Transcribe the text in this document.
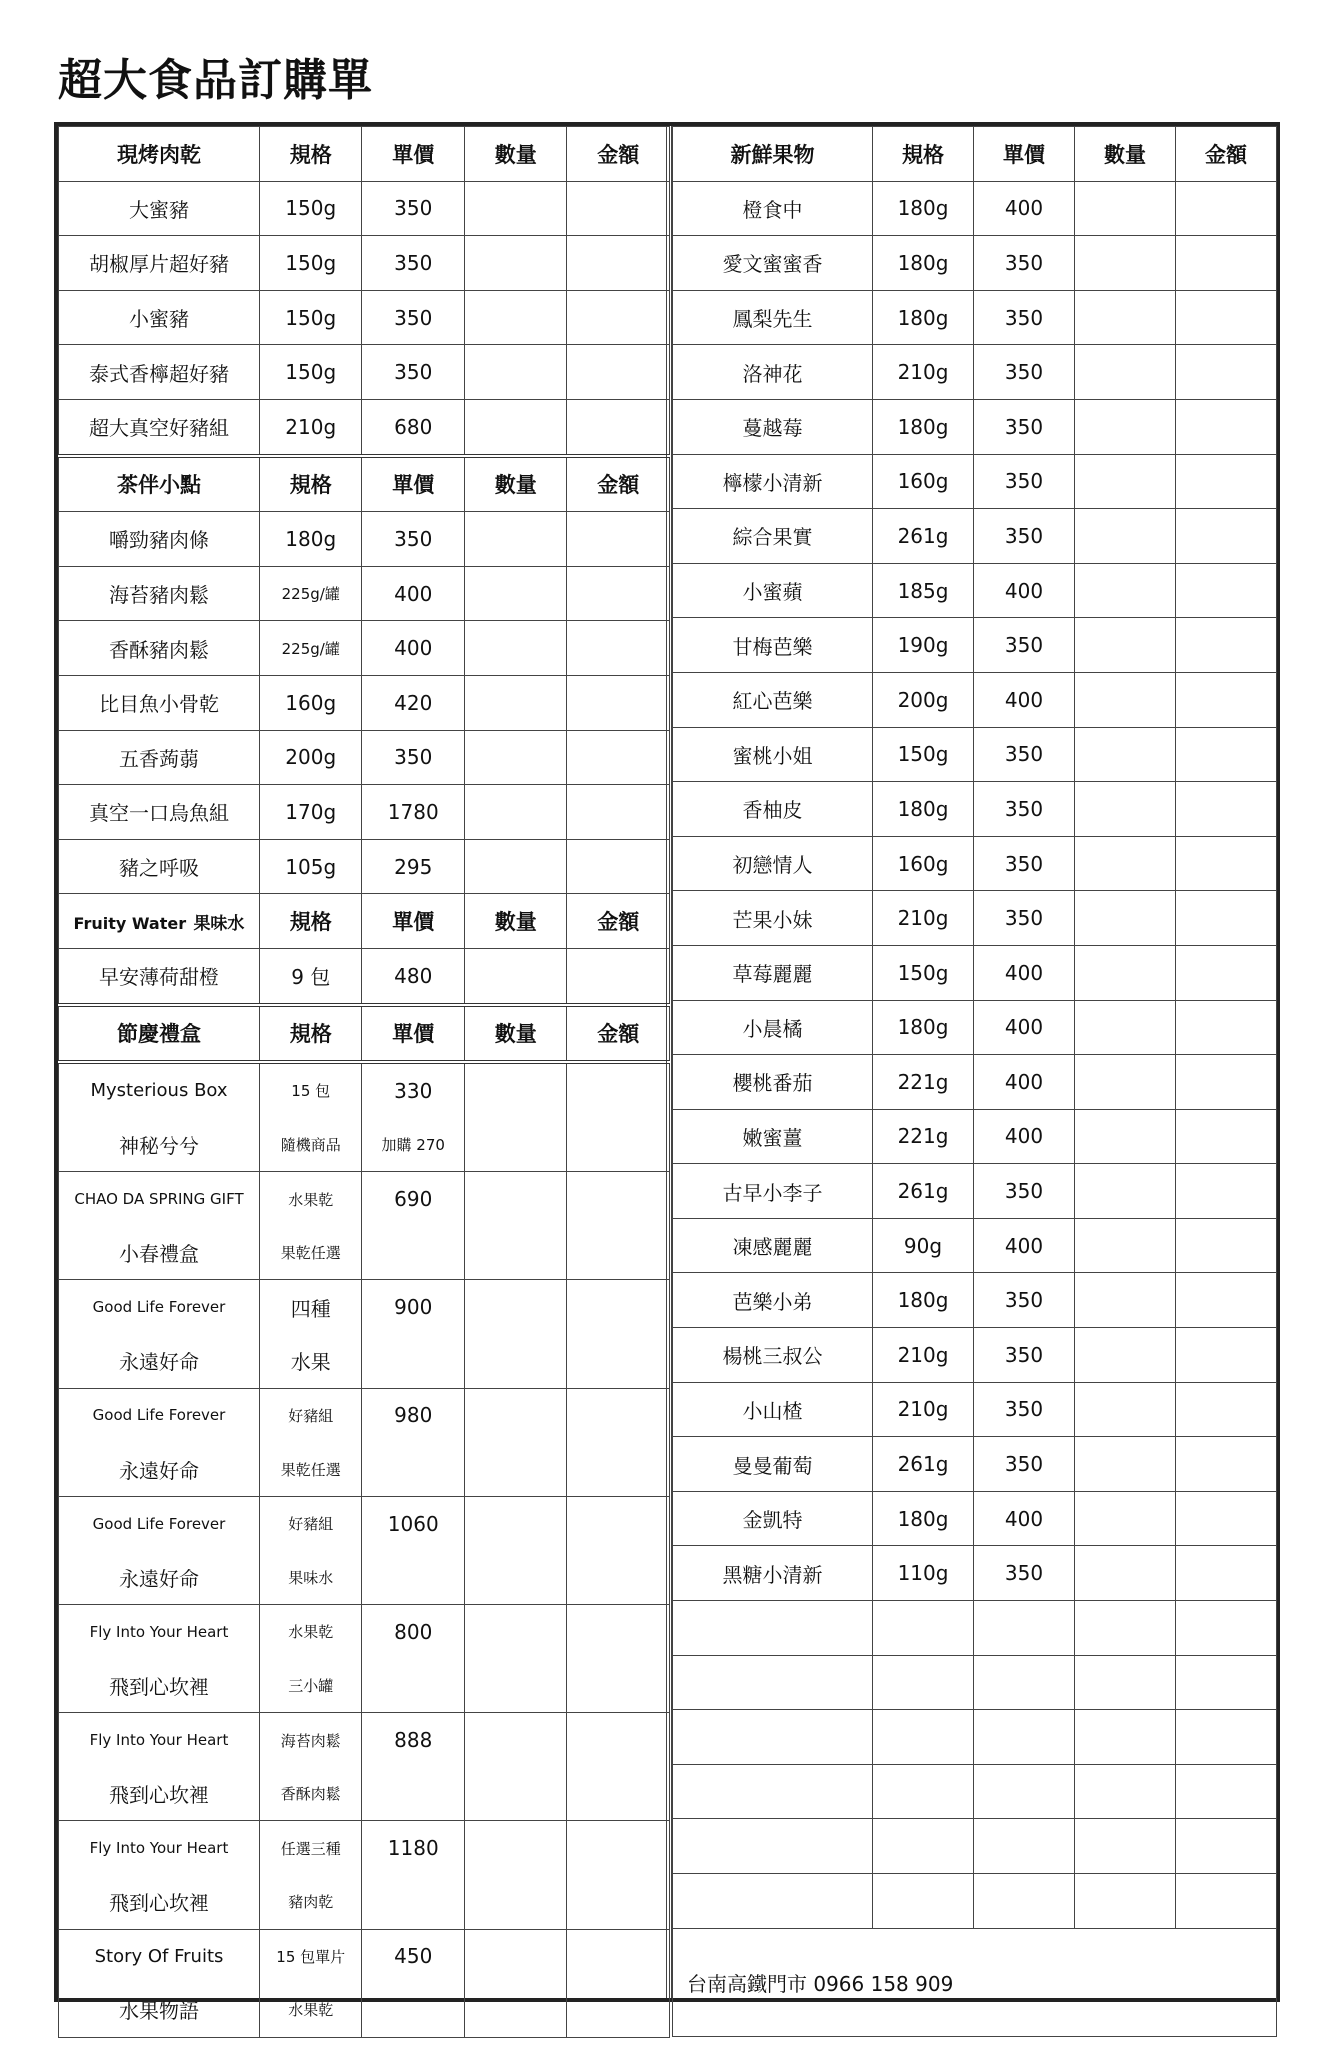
超大食品訂購單
現烤肉乾	規格	單價	數量	金額
大蜜豬	150g	350		
胡椒厚片超好豬	150g	350		
小蜜豬	150g	350		
泰式香檸超好豬	150g	350		
超大真空好豬組	210g	680		
茶伴小點	規格	單價	數量	金額
嚼勁豬肉條	180g	350		
海苔豬肉鬆	225g/罐	400		
香酥豬肉鬆	225g/罐	400		
比目魚小骨乾	160g	420		
五香蒟蒻	200g	350		
真空一口烏魚組	170g	1780		
豬之呼吸	105g	295		
Fruity Water 果味水	規格	單價	數量	金額
早安薄荷甜橙	9 包	480		
節慶禮盒	規格	單價	數量	金額
Mysterious Box	15 包	330		
神秘兮兮	隨機商品	加購 270		
CHAO DA SPRING GIFT	水果乾	690		
小春禮盒	果乾任選			
Good Life Forever	四種	900		
永遠好命	水果			
Good Life Forever	好豬組	980		
永遠好命	果乾任選			
Good Life Forever	好豬組	1060		
永遠好命	果味水			
Fly Into Your Heart	水果乾	800		
飛到心坎裡	三小罐			
Fly Into Your Heart	海苔肉鬆	888		
飛到心坎裡	香酥肉鬆			
Fly Into Your Heart	任選三種	1180		
飛到心坎裡	豬肉乾			
Story Of Fruits	15 包單片	450		
水果物語	水果乾			
新鮮果物	規格	單價	數量	金額
橙食中	180g	400		
愛文蜜蜜香	180g	350		
鳳梨先生	180g	350		
洛神花	210g	350		
蔓越莓	180g	350		
檸檬小清新	160g	350		
綜合果實	261g	350		
小蜜蘋	185g	400		
甘梅芭樂	190g	350		
紅心芭樂	200g	400		
蜜桃小姐	150g	350		
香柚皮	180g	350		
初戀情人	160g	350		
芒果小妹	210g	350		
草莓麗麗	150g	400		
小晨橘	180g	400		
櫻桃番茄	221g	400		
嫩蜜薑	221g	400		
古早小李子	261g	350		
凍感麗麗	90g	400		
芭樂小弟	180g	350		
楊桃三叔公	210g	350		
小山楂	210g	350		
曼曼葡萄	261g	350		
金凱特	180g	400		
黑糖小清新	110g	350		

台南高鐵門市 0966 158 909				
